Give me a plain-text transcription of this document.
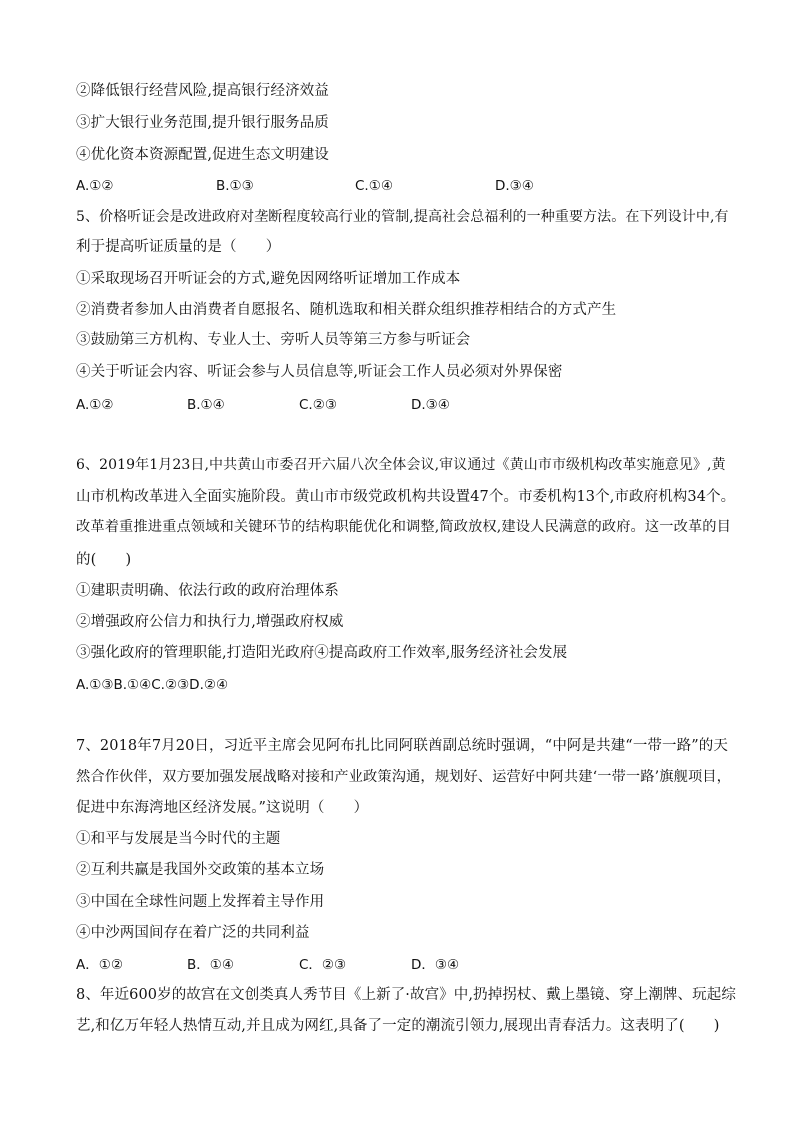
②降低银行经营风险,提高银行经济效益
③扩大银行业务范围,提升银行服务品质
④优化资本资源配置,促进生态文明建设
A.①②	B.①③	C.①④	D.③④
5、价格听证会是改进政府对垄断程度较高行业的管制,提高社会总福利的一种重要方法。在下列设计中,有
利于提高听证质量的是（　　）
①采取现场召开听证会的方式,避免因网络听证增加工作成本
②消费者参加人由消费者自愿报名、随机选取和相关群众组织推荐相结合的方式产生
③鼓励第三方机构、专业人士、旁听人员等第三方参与听证会
④关于听证会内容、听证会参与人员信息等,听证会工作人员必须对外界保密
A.①②	B.①④	C.②③	D.③④
6、2019年1月23日,中共黄山市委召开六届八次全体会议,审议通过《黄山市市级机构改革实施意见》,黄
山市机构改革进入全面实施阶段。黄山市市级党政机构共设置47个。市委机构13个,市政府机构34个。
改革着重推进重点领域和关键环节的结构职能优化和调整,简政放权,建设人民满意的政府。这一改革的目
的(　　)
①建职责明确、依法行政的政府治理体系
②增强政府公信力和执行力,增强政府权威
③强化政府的管理职能,打造阳光政府④提高政府工作效率,服务经济社会发展
A.①③B.①④C.②③D.②④
7、2018年7月20日，习近平主席会见阿布扎比同阿联酋副总统时强调，“中阿是共建“一带一路”的天
然合作伙伴，双方要加强发展战略对接和产业政策沟通，规划好、运营好中阿共建‘一带一路’旗舰项目，
促进中东海湾地区经济发展。”这说明（　　）
①和平与发展是当今时代的主题
②互利共赢是我国外交政策的基本立场
③中国在全球性问题上发挥着主导作用
④中沙两国间存在着广泛的共同利益
A．①②	B．①④	C．②③	D．③④
8、年近600岁的故宫在文创类真人秀节目《上新了·故宫》中,扔掉拐杖、戴上墨镜、穿上潮牌、玩起综
艺,和亿万年轻人热情互动,并且成为网红,具备了一定的潮流引领力,展现出青春活力。这表明了(　　)
